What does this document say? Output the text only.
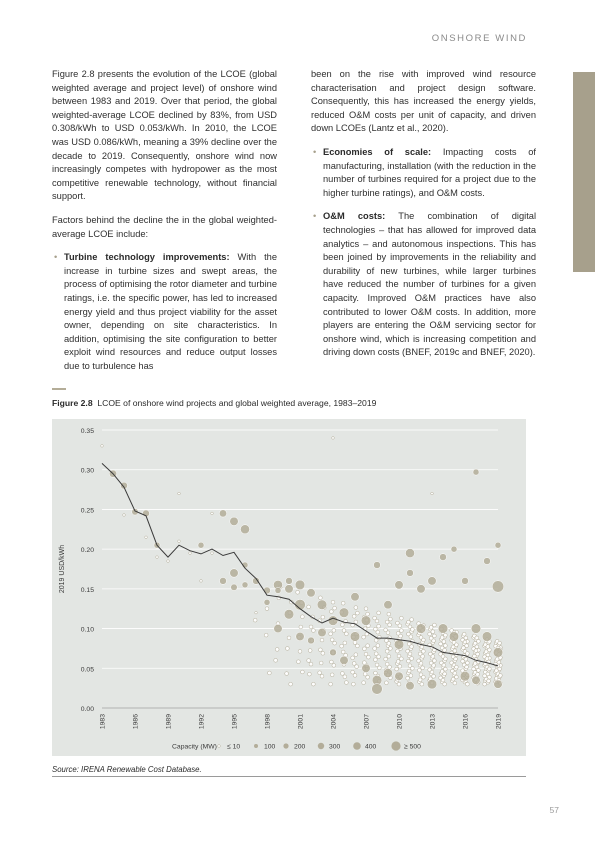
ONSHORE WIND

Figure 2.8 presents the evolution of the LCOE (global weighted average and project level) of onshore wind between 1983 and 2019. Over that period, the global weighted-average LCOE declined by 83%, from USD 0.308/kWh to USD 0.053/kWh. In 2010, the LCOE was USD 0.086/kWh, meaning a 39% decline over the decade to 2019. Consequently, onshore wind now increasingly competes with hydropower as the most competitive renewable technology, without financial support.

Factors behind the decline the in the global weighted-average LCOE include:

• Turbine technology improvements: With the increase in turbine sizes and swept areas, the process of optimising the rotor diameter and turbine ratings, i.e. the specific power, has led to increased energy yield and thus project viability for the asset owner, depending on site characteristics. In addition, optimising the site configuration to better exploit wind resources and reduce output losses due to turbulence has

been on the rise with improved wind resource characterisation and project design software. Consequently, this has increased the energy yields, reduced O&M costs per unit of capacity, and driven down LCOEs (Lantz et al., 2020).

• Economies of scale: Impacting costs of manufacturing, installation (with the reduction in the number of turbines required for a project due to the higher turbine ratings), and O&M costs.
• O&M costs: The combination of digital technologies – that has allowed for improved data analytics – and autonomous inspections. This has been joined by improvements in the reliability and durability of new turbines, while larger turbines have reduced the number of turbines for a given capacity. Improved O&M practices have also contributed to lower O&M costs. In addition, more players are entering the O&M servicing sector for onshore wind, which is increasing competition and driving down costs (BNEF, 2019c and BNEF, 2020).
Figure 2.8 LCOE of onshore wind projects and global weighted average, 1983–2019
0.00
0.05
0.10
0.15
0.20
0.25
0.30
0.35
1983	1986	1989	1992	1995	1998	2001	2004	2007	2010	2013	2016	2019
2019 USD/kWh
Capacity (MW) ≤ 10	100	200	300	400	≥ 500
Source: IRENA Renewable Cost Database.
57
